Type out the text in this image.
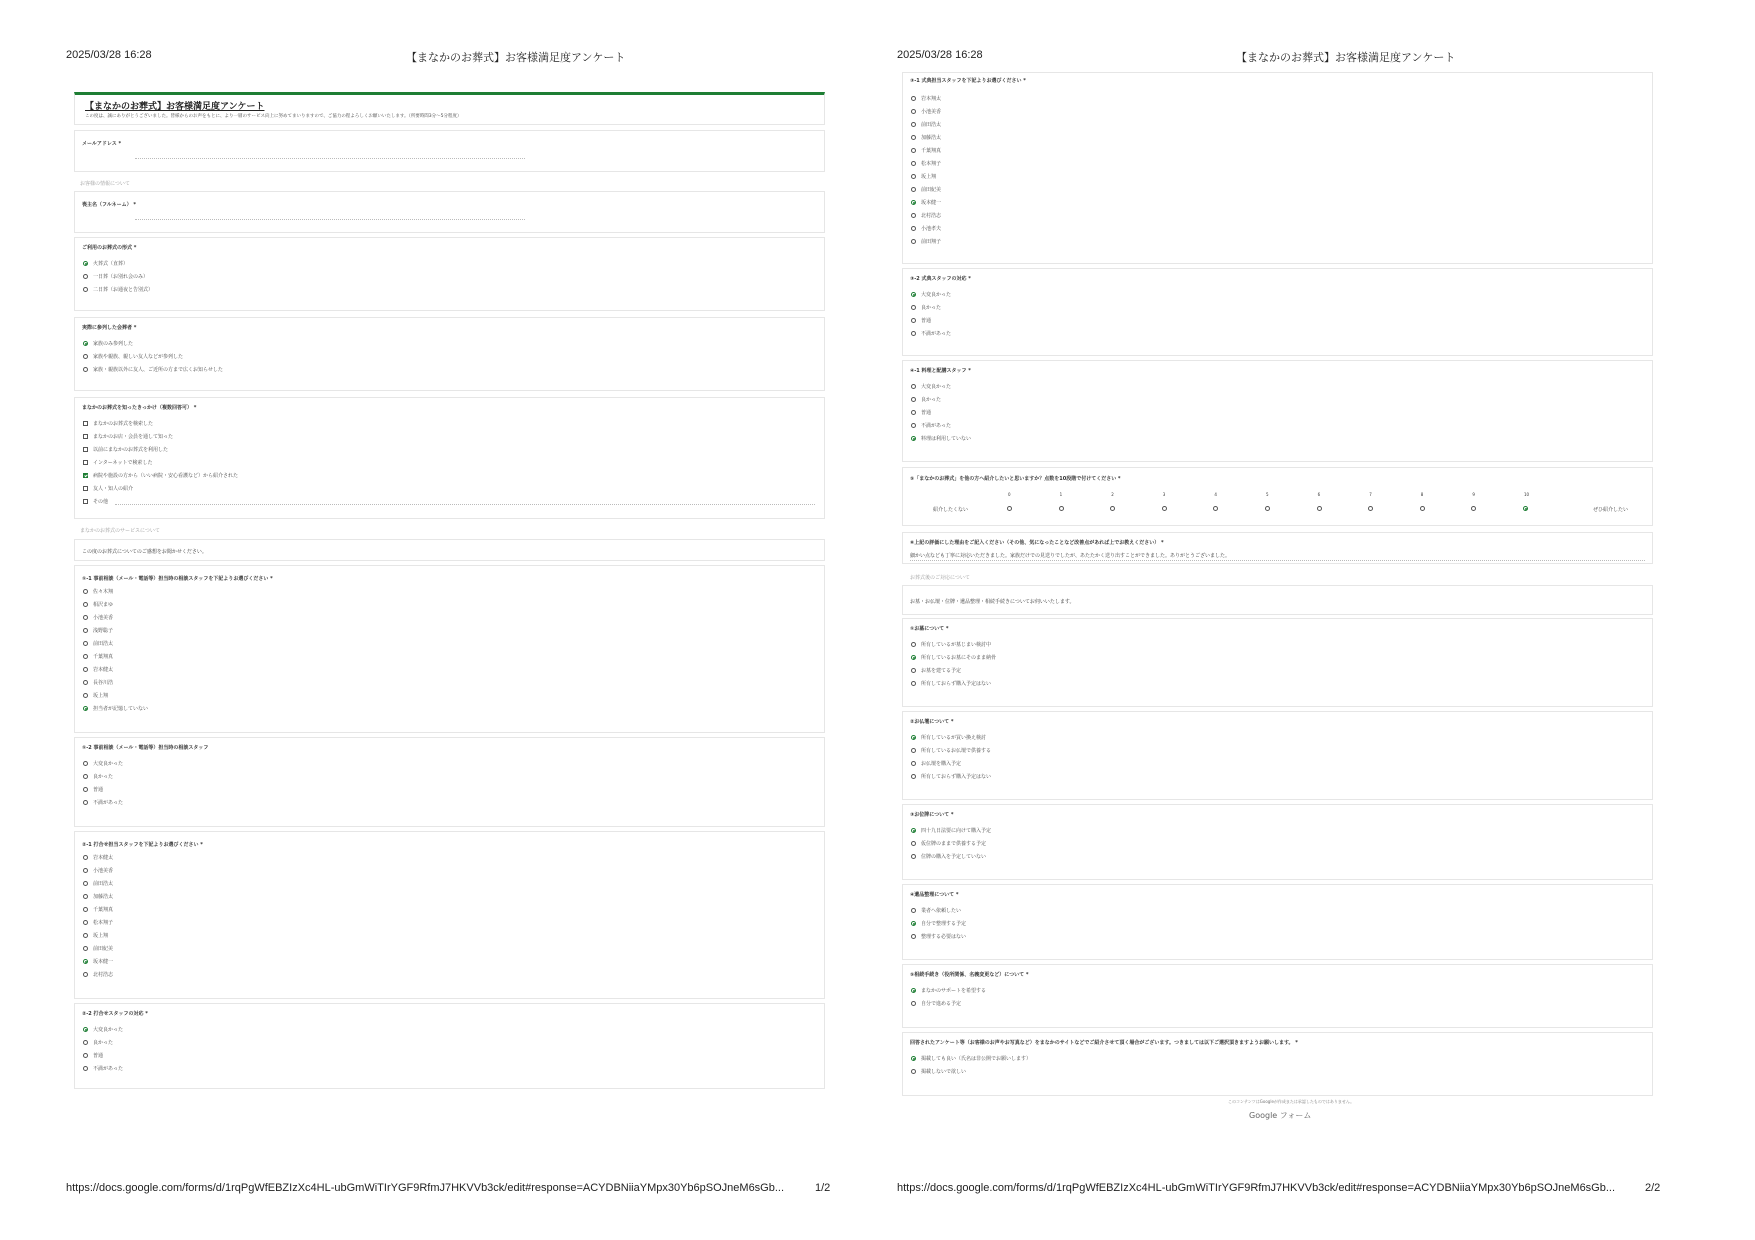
2025/03/28 16:28	【まなかのお葬式】お客様満足度アンケート
【まなかのお葬式】お客様満足度アンケート
この度は、誠にありがとうございました。皆様からのお声をもとに、より一層のサービス向上に努めてまいりますので、ご協力の程よろしくお願いいたします。（所要時間3分〜5分程度）
メールアドレス *
お客様の情報について
喪主名（フルネーム） *
ご利用のお葬式の形式 *
火葬式（直葬）
一日葬（お別れ会のみ）
二日葬（お通夜と告別式）
実際に参列した会葬者 *
家族のみ参列した
家族や親族、親しい友人などが参列した
家族・親族以外に友人、ご近所の方まで広くお知らせした
まなかのお葬式を知ったきっかけ（複数回答可） *
まなかのお葬式を検索した
まなかのお店・会員を通して知った
以前にまなかのお葬式を利用した
インターネットで検索した
病院や施設の方から（いい病院・安心看護など）から紹介された
友人・知人の紹介
その他
まなかのお葬式のサービスについて
この度のお葬式についてのご感想をお聞かせください。
①-1 事前相談（メール・電話等）担当時の相談スタッフを下記よりお選びください *
佐々木翔
相沢まゆ
小池美香
浅野聡子
前田浩太
千葉翔真
岩本健太
長谷川浩
坂上翔
担当者が記憶していない
①-2 事前相談（メール・電話等）担当時の相談スタッフ
大変良かった
良かった
普通
不満があった
②-1 打合せ担当スタッフを下記よりお選びください *
岩本健太
小池美香
前田浩太
加藤浩太
千葉翔真
松本翔子
坂上翔
前田紀美
坂本健一
北村浩志
②-2 打合せスタッフの対応 *
大変良かった
良かった
普通
不満があった
https://docs.google.com/forms/d/1rqPgWfEBZIzXc4HL-ubGmWiTIrYGF9RfmJ7HKVVb3ck/edit#response=ACYDBNiiaYMpx30Yb6pSOJneM6sGb...	1/2
2025/03/28 16:28	【まなかのお葬式】お客様満足度アンケート
③-1 式典担当スタッフを下記よりお選びください *
岩本翔太
小池美香
前田浩太
加藤浩太
千葉翔真
松本翔子
坂上翔
前田紀美
坂本健一
北村浩志
小池孝夫
前田翔子
③-2 式典スタッフの対応 *
大変良かった
良かった
普通
不満があった
④-1 料理と配膳スタッフ *
大変良かった
良かった
普通
不満があった
料理は利用していない
⑤「まなかのお葬式」を他の方へ紹介したいと思いますか？点数を10段階で付けてください *
紹介したくない	ぜひ紹介したい
0	1	2	3	4	5	6	7	8	9	10
⑥上記の評価にした理由をご記入ください（その他、気になったことなど改善点があれば上でお教えください） *
細かい点なども丁寧に対応いただきました。家族だけでの見送りでしたが、あたたかく送り出すことができました。ありがとうございました。
お葬式後のご対応について
お墓・お仏壇・位牌・遺品整理・相続手続きについてお伺いいたします。
①お墓について *
所有しているが墓じまい検討中
所有しているお墓にそのまま納骨
お墓を建てる予定
所有しておらず購入予定はない
②お仏壇について *
所有しているが買い換え検討
所有しているお仏壇で供養する
お仏壇を購入予定
所有しておらず購入予定はない
③お位牌について *
四十九日法要に向けて購入予定
仮位牌のままで供養する予定
位牌の購入を予定していない
④遺品整理について *
業者へ依頼したい
自分で整理する予定
整理する必要はない
⑤相続手続き（役所関係、名義変更など）について *
まなかのサポートを希望する
自分で進める予定
回答されたアンケート等（お客様のお声やお写真など）をまなかのサイトなどでご紹介させて頂く場合がございます。つきましては以下ご選択頂きますようお願いします。 *
掲載しても良い（氏名は非公開でお願いします）
掲載しないで欲しい
このコンテンツはGoogleが作成または承認したものではありません。
Google フォーム
https://docs.google.com/forms/d/1rqPgWfEBZIzXc4HL-ubGmWiTIrYGF9RfmJ7HKVVb3ck/edit#response=ACYDBNiiaYMpx30Yb6pSOJneM6sGb...	2/2
